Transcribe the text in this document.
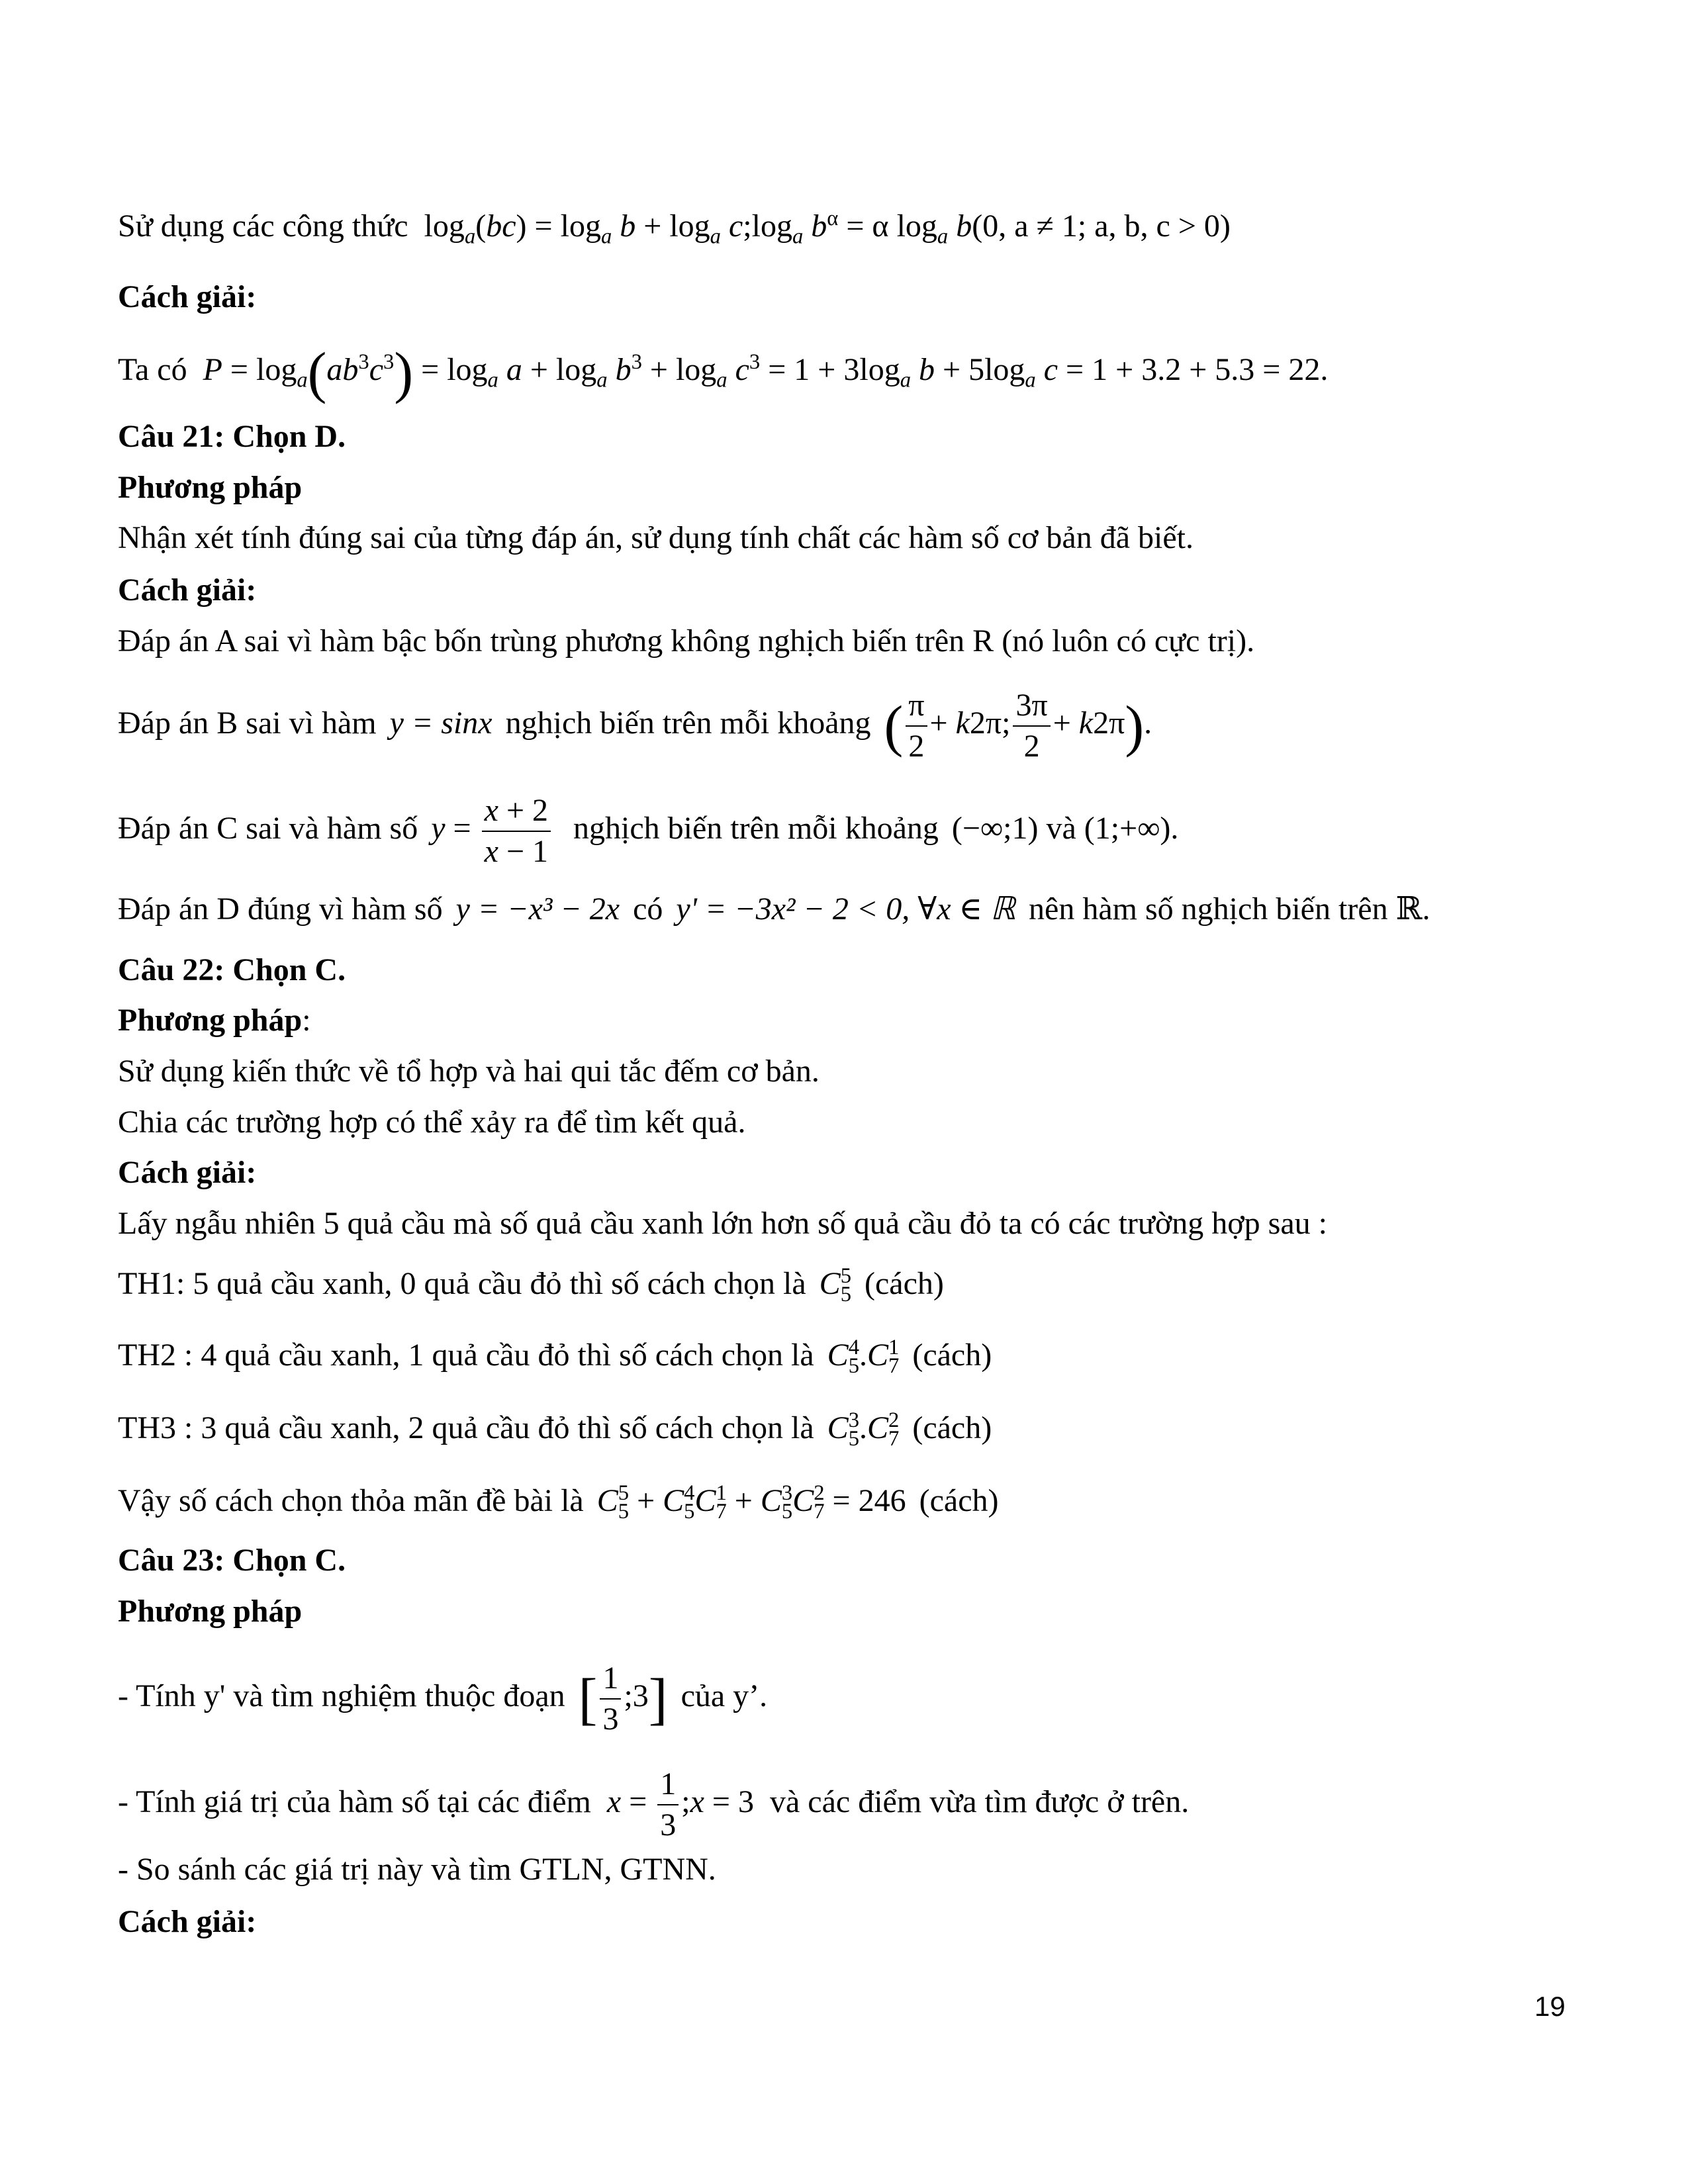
Sử dụng các công thức $\log_a(bc) = \log_a b + \log_a$ $c;\log_a$ $b^\alpha = \alpha$ $\log_a b(0$, a ≠ 1; a, b, c > 0)
Cách giải:
Ta có $P = \log_a(ab^3c^3) = \log_a a + \log_a b^3 + \log_a c^3 = 1 + 3\log_a$ $b + 5\log_a$ c = 1 + 3.2 + 5.3 = 22.
Câu 21: Chọn D.
Phương pháp
Nhận xét tính đúng sai của từng đáp án, sử dụng tính chất các hàm số cơ bản đã biết.
Cách giải:
Đáp án A sai vì hàm bậc bốn trùng phương không nghịch biến trên R (nó luôn có cực trị).
Đáp án B sai vì hàm y = sinx nghịch biến trên mỗi khoảng ( $\frac{\pi}{2} + k2\pi$; $\frac{3\pi}{2} + k2\pi$).
Đáp án C sai và hàm số $y = \frac{x + 2}{x - 1}$ nghịch biến trên mỗi khoảng (−∞;1) và (1;+∞).
Đáp án D đúng vì hàm số y = −x³ − 2x có y' = −3x² − 2 < 0, ∀x ∈ ℝ nên hàm số nghịch biến trên ℝ.
Câu 22: Chọn C.
Phương pháp:
Sử dụng kiến thức về tổ hợp và hai qui tắc đếm cơ bản.
Chia các trường hợp có thể xảy ra để tìm kết quả.
Cách giải:
Lấy ngẫu nhiên 5 quả cầu mà số quả cầu xanh lớn hơn số quả cầu đỏ ta có các trường hợp sau :
TH1: 5 quả cầu xanh, 0 quả cầu đỏ thì số cách chọn là $C^5_5$ (cách)
TH2 : 4 quả cầu xanh, 1 quả cầu đỏ thì số cách chọn là $C^4_5.C^1_7$ (cách)
TH3 : 3 quả cầu xanh, 2 quả cầu đỏ thì số cách chọn là $C^3_5.C^2_7$ (cách)
Vậy số cách chọn thỏa mãn đề bài là $C^5_5 + C^4_5C^1_7 + C^3_5C^2_7 = 246$ (cách)
Câu 23: Chọn C.
Phương pháp
- Tính y' và tìm nghiệm thuộc đoạn [ $\frac{1}{3}$ ;3] của y’.
- Tính giá trị của hàm số tại các điểm $x = \frac{1}{3}$ ;x = 3 và các điểm vừa tìm được ở trên.
- So sánh các giá trị này và tìm GTLN, GTNN.
Cách giải:
19
